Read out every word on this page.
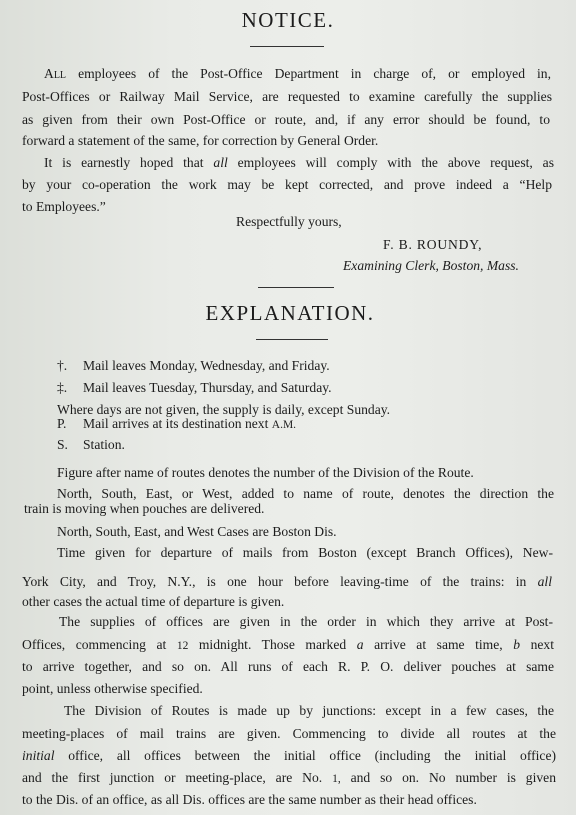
NOTICE.
All employees of the Post-Office Department in charge of, or employed in,
Post-Offices or Railway Mail Service, are requested to examine carefully the supplies
as given from their own Post-Office or route, and, if any error should be found, to
forward a statement of the same, for correction by General Order.
It is earnestly hoped that all employees will comply with the above request, as
by your co-operation the work may be kept corrected, and prove indeed a “Help
to Employees.”
Respectfully yours,
F. B. ROUNDY,
Examining Clerk, Boston, Mass.
EXPLANATION.
†. Mail leaves Monday, Wednesday, and Friday.
‡. Mail leaves Tuesday, Thursday, and Saturday.
Where days are not given, the supply is daily, except Sunday.
P. Mail arrives at its destination next A.M.
S. Station.
Figure after name of routes denotes the number of the Division of the Route.
North, South, East, or West, added to name of route, denotes the direction the
train is moving when pouches are delivered.
North, South, East, and West Cases are Boston Dis.
Time given for departure of mails from Boston (except Branch Offices), New-
York City, and Troy, N.Y., is one hour before leaving-time of the trains: in all
other cases the actual time of departure is given.
The supplies of offices are given in the order in which they arrive at Post-
Offices, commencing at 12 midnight. Those marked a arrive at same time, b next
to arrive together, and so on. All runs of each R. P. O. deliver pouches at same
point, unless otherwise specified.
The Division of Routes is made up by junctions: except in a few cases, the
meeting-places of mail trains are given. Commencing to divide all routes at the
initial office, all offices between the initial office (including the initial office)
and the first junction or meeting-place, are No. 1, and so on. No number is given
to the Dis. of an office, as all Dis. offices are the same number as their head offices.
